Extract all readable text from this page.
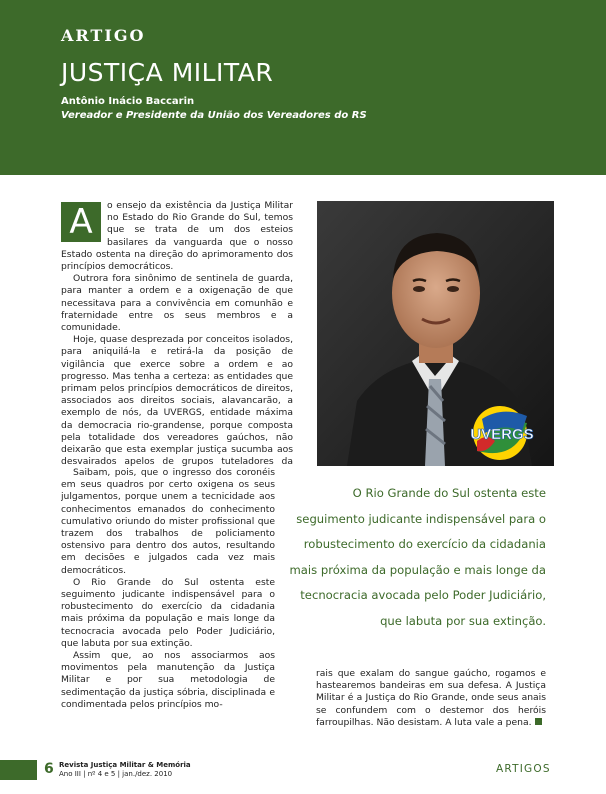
ARTIGO
JUSTIÇA MILITAR
Antônio Inácio Baccarin
Vereador e Presidente da União dos Vereadores do RS
A	o ensejo da existência da Justiça Militar no Estado do Rio Grande do Sul, temos que se trata de um dos esteios basilares da vanguarda que o nosso Estado ostenta na direção do aprimoramento dos princípios democráticos.

Outrora fora sinônimo de sentinela de guarda, para manter a ordem e a oxigenação de que necessitava para a convivência em comunhão e fraternidade entre os seus membros e a comunidade.

Hoje, quase desprezada por conceitos isolados, para aniquilá-la e retirá-la da posição de vigilância que exerce sobre a ordem e ao progresso. Mas tenha a certeza: as entidades que primam pelos princípios democráticos de direitos, associados aos direitos sociais, alavancarão, a exemplo de nós, da UVERGS, entidade máxima da democracia rio-grandense, porque composta pela totalidade dos vereadores gaúchos, não deixarão que esta exemplar justiça sucumba aos desvairados apelos de grupos tuteladores da

Saibam, pois, que o ingresso dos coronéis em seus quadros por certo oxigena os seus julgamentos, porque unem a tecnicidade aos conhecimentos emanados do conhecimento cumulativo oriundo do mister profissional que trazem dos trabalhos de policiamento ostensivo para dentro dos autos, resultando em decisões e julgados cada vez mais democráticos.

O Rio Grande do Sul ostenta este seguimento judicante indispensável para o robustecimento do exercício da cidadania mais próxima da população e mais longe da tecnocracia avocada pelo Poder Judiciário, que labuta por sua extinção.

Assim que, ao nos associarmos aos movimentos pela manutenção da Justiça Militar e por sua metodologia de sedimentação da justiça sóbria, disciplinada e condimentada pelos princípios mo-

UVERGS
O Rio Grande do Sul ostenta este
seguimento judicante indispensável para o
robustecimento do exercício da cidadania
mais próxima da população e mais longe da
tecnocracia avocada pelo Poder Judiciário,
que labuta por sua extinção.

rais que exalam do sangue gaúcho, rogamos e hastearemos bandeiras em sua defesa. A Justiça Militar é a Justiça do Rio Grande, onde seus anais se confundem com o destemor dos heróis farroupilhas. Não desistam. A luta vale a pena.

6 Revista Justiça Militar & Memória
Ano III | nº 4 e 5 | jan./dez. 2010	ARTIGOS
